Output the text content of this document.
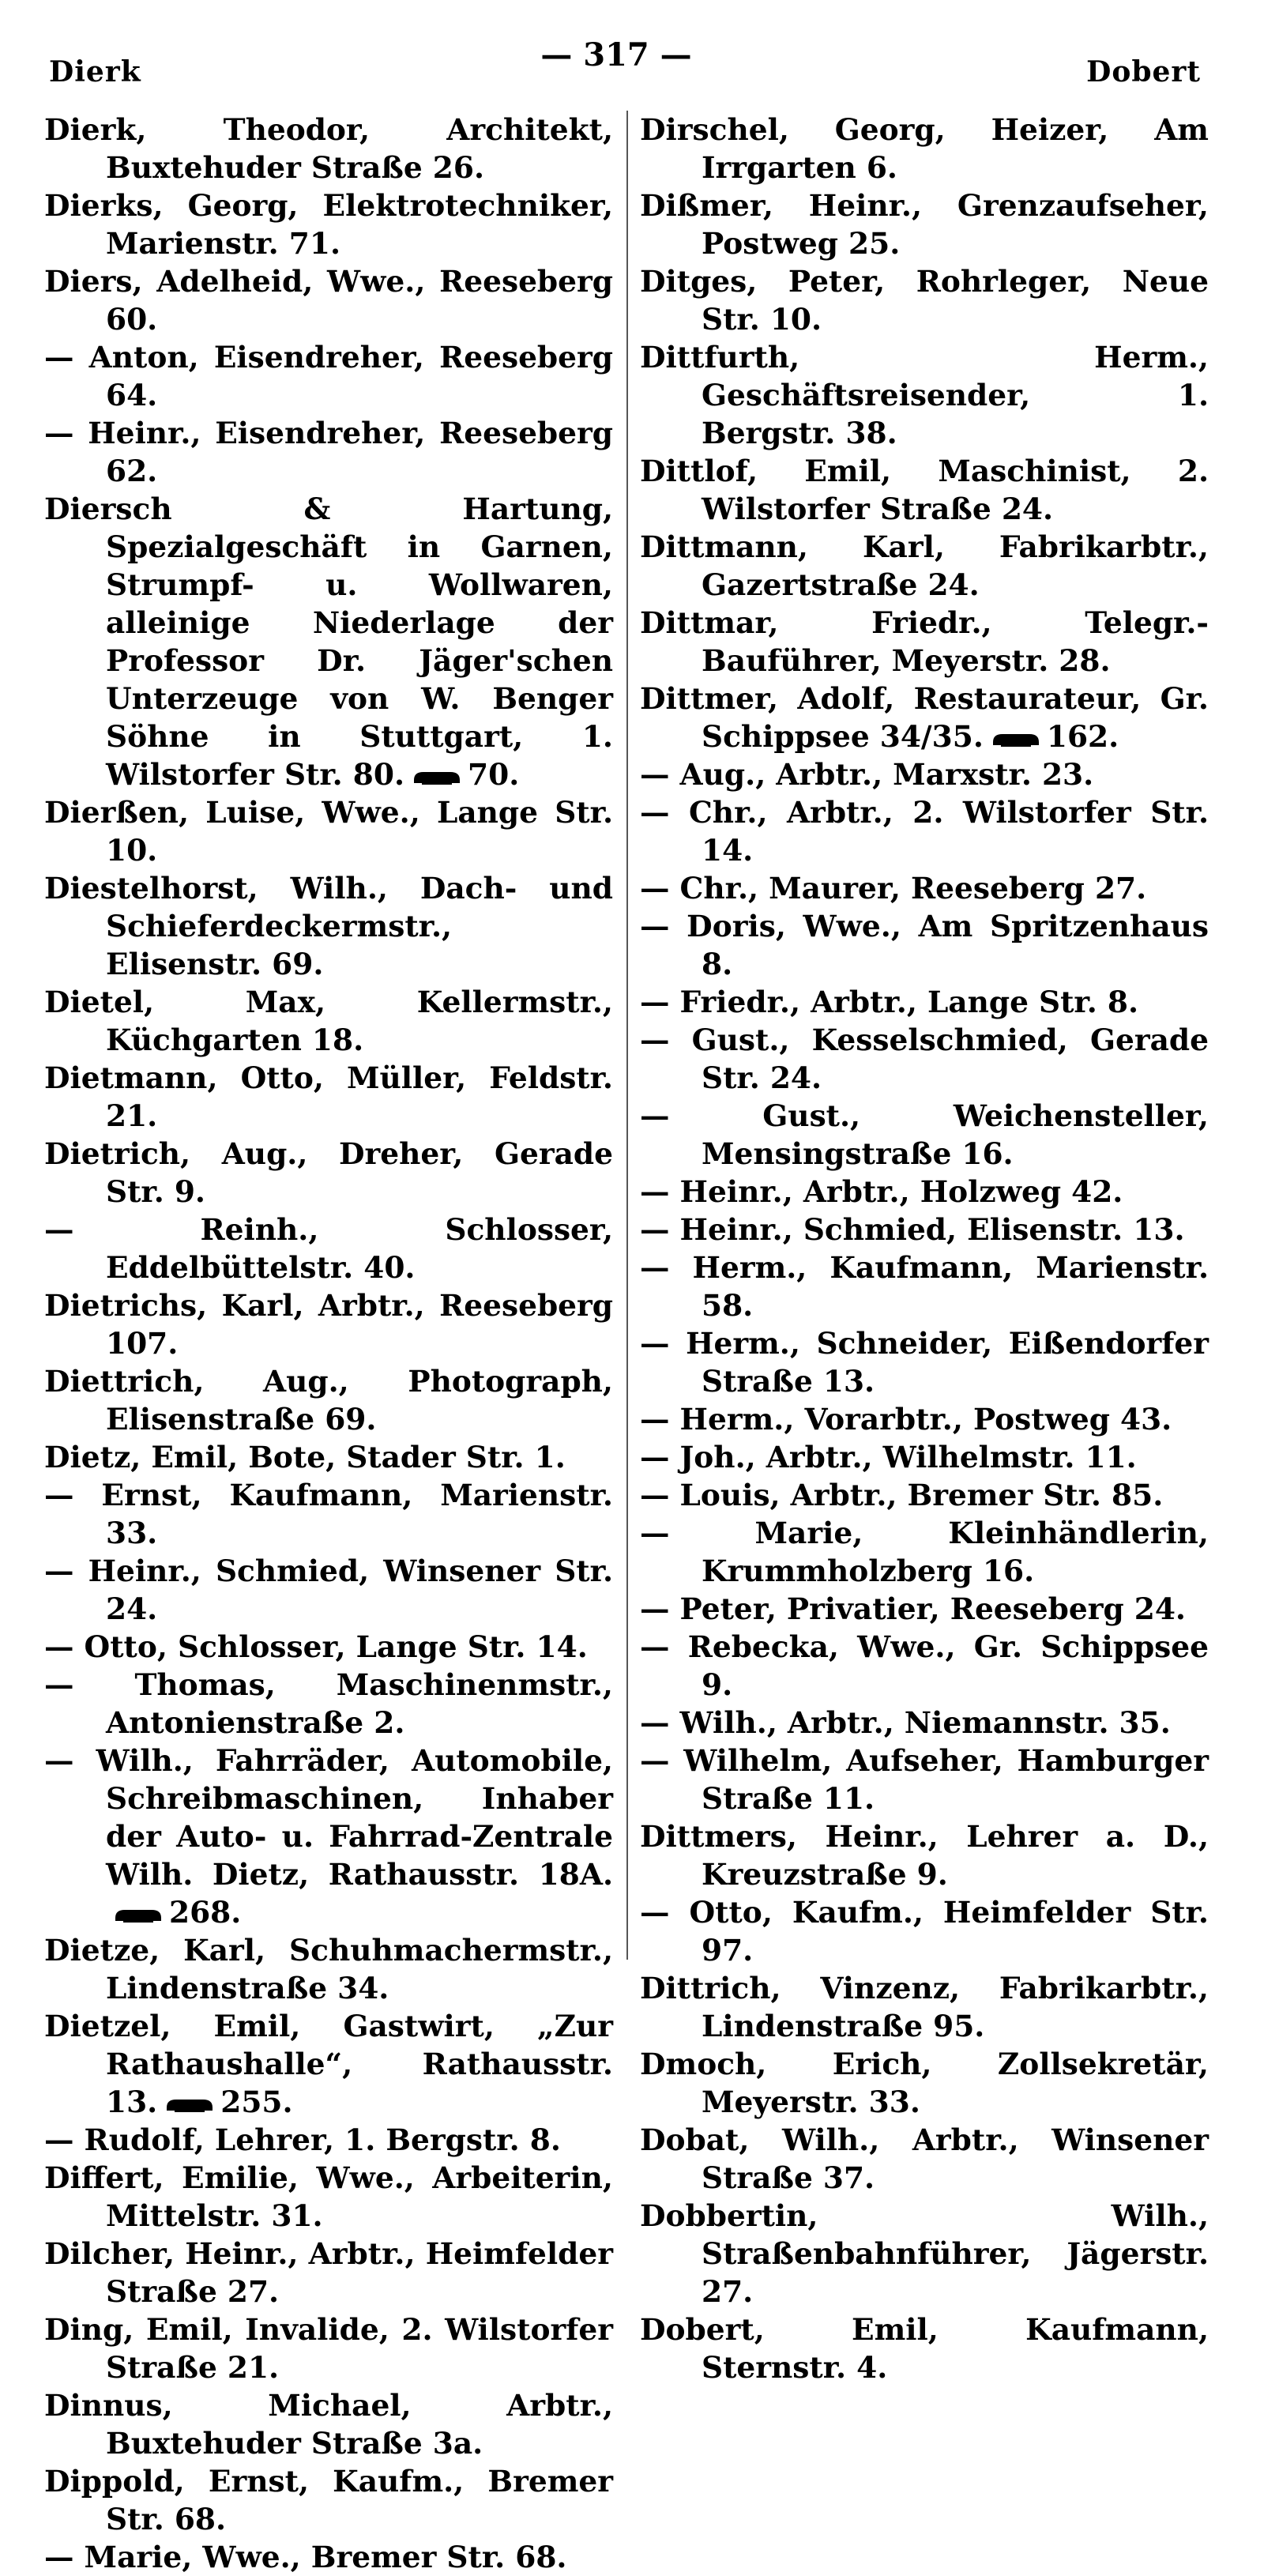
Dierk	— 317 —	Dobert

Dierk, Theodor, Architekt, Buxtehuder Straße 26.

Dierks, Georg, Elektrotechniker, Marienstr. 71.

Diers, Adelheid, Wwe., Reeseberg 60.

— Anton, Eisendreher, Reeseberg 64.

— Heinr., Eisendreher, Reeseberg 62.

Diersch & Hartung, Spezialgeschäft in Garnen, Strumpf- u. Wollwaren, alleinige Niederlage der Professor Dr. Jäger'schen Unterzeuge von W. Benger Söhne in Stuttgart, 1. Wilstorfer Str. 80. 70.

Dierßen, Luise, Wwe., Lange Str. 10.

Diestelhorst, Wilh., Dach- und Schieferdeckermstr., Elisenstr. 69.

Dietel, Max, Kellermstr., Küchgarten 18.

Dietmann, Otto, Müller, Feldstr. 21.

Dietrich, Aug., Dreher, Gerade Str. 9.

— Reinh., Schlosser, Eddelbüttelstr. 40.

Dietrichs, Karl, Arbtr., Reeseberg 107.

Diettrich, Aug., Photograph, Elisenstraße 69.

Dietz, Emil, Bote, Stader Str. 1.

— Ernst, Kaufmann, Marienstr. 33.

— Heinr., Schmied, Winsener Str. 24.

— Otto, Schlosser, Lange Str. 14.

— Thomas, Maschinenmstr., Antonienstraße 2.

— Wilh., Fahrräder, Automobile, Schreibmaschinen, Inhaber der Auto- u. Fahrrad-Zentrale Wilh. Dietz, Rathausstr. 18A.268.

Dietze, Karl, Schuhmachermstr., Lindenstraße 34.

Dietzel, Emil, Gastwirt, „Zur Rathaushalle“, Rathausstr. 13. 255.

— Rudolf, Lehrer, 1. Bergstr. 8.

Differt, Emilie, Wwe., Arbeiterin, Mittelstr. 31.

Dilcher, Heinr., Arbtr., Heimfelder Straße 27.

Ding, Emil, Invalide, 2. Wilstorfer Straße 21.

Dinnus, Michael, Arbtr., Buxtehuder Straße 3a.

Dippold, Ernst, Kaufm., Bremer Str. 68.

— Marie, Wwe., Bremer Str. 68.

Dirschel, Georg, Heizer, Am Irrgarten 6.

Dißmer, Heinr., Grenzaufseher, Postweg 25.

Ditges, Peter, Rohrleger, Neue Str. 10.

Dittfurth, Herm., Geschäftsreisender, 1. Bergstr. 38.

Dittlof, Emil, Maschinist, 2. Wilstorfer Straße 24.

Dittmann, Karl, Fabrikarbtr., Gazertstraße 24.

Dittmar, Friedr., Telegr.-Bauführer, Meyerstr. 28.

Dittmer, Adolf, Restaurateur, Gr. Schippsee 34/35. 162.

— Aug., Arbtr., Marxstr. 23.

— Chr., Arbtr., 2. Wilstorfer Str. 14.

— Chr., Maurer, Reeseberg 27.

— Doris, Wwe., Am Spritzenhaus 8.

— Friedr., Arbtr., Lange Str. 8.

— Gust., Kesselschmied, Gerade Str. 24.

— Gust., Weichensteller, Mensingstraße 16.

— Heinr., Arbtr., Holzweg 42.

— Heinr., Schmied, Elisenstr. 13.

— Herm., Kaufmann, Marienstr. 58.

— Herm., Schneider, Eißendorfer Straße 13.

— Herm., Vorarbtr., Postweg 43.

— Joh., Arbtr., Wilhelmstr. 11.

— Louis, Arbtr., Bremer Str. 85.

— Marie, Kleinhändlerin, Krummholzberg 16.

— Peter, Privatier, Reeseberg 24.

— Rebecka, Wwe., Gr. Schippsee 9.

— Wilh., Arbtr., Niemannstr. 35.

— Wilhelm, Aufseher, Hamburger Straße 11.

Dittmers, Heinr., Lehrer a. D., Kreuzstraße 9.

— Otto, Kaufm., Heimfelder Str. 97.

Dittrich, Vinzenz, Fabrikarbtr., Lindenstraße 95.

Dmoch, Erich, Zollsekretär, Meyerstr. 33.

Dobat, Wilh., Arbtr., Winsener Straße 37.

Dobbertin, Wilh., Straßenbahnführer, Jägerstr. 27.

Dobert, Emil, Kaufmann, Sternstr. 4.
